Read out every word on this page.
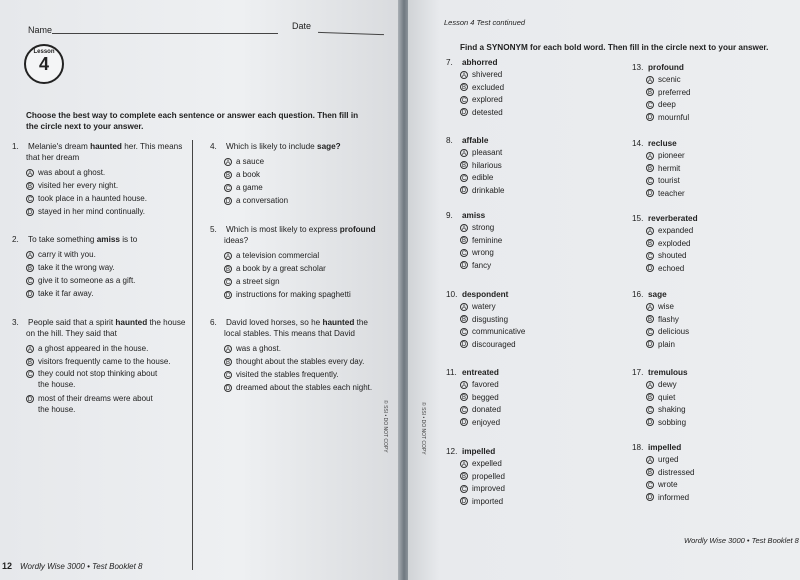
Name	Date
Lesson
4
Choose the best way to complete each sentence or answer each question. Then fill in the circle next to your answer.
1. Melanie's dream haunted her. This means
that her dream
A was about a ghost.
B visited her every night.
C took place in a haunted house.
D stayed in her mind continually.
2. To take something amiss is to
A carry it with you.
B take it the wrong way.
C give it to someone as a gift.
D take it far away.
3. People said that a spirit haunted the house
on the hill. They said that
A a ghost appeared in the house.
B visitors frequently came to the house.
C they could not stop thinking about
the house.
D most of their dreams were about
the house.
4. Which is likely to include sage?
A a sauce
B a book
C a game
D a conversation
5. Which is most likely to express profound
ideas?
A a television commercial
B a book by a great scholar
C a street sign
D instructions for making spaghetti
6. David loved horses, so he haunted the
local stables. This means that David
A was a ghost.
B thought about the stables every day.
C visited the stables frequently.
D dreamed about the stables each night.
© SSI • DO NOT COPY
12 Wordly Wise 3000 • Test Booklet 8
Lesson 4 Test continued
Find a SYNONYM for each bold word. Then fill in the circle next to your answer.
© SSI • DO NOT COPY
7. abhorred
A shivered
B excluded
C explored
D detested
8. affable
A pleasant
B hilarious
C edible
D drinkable
9. amiss
A strong
B feminine
C wrong
D fancy
10. despondent
A watery
B disgusting
C communicative
D discouraged
11. entreated
A favored
B begged
C donated
D enjoyed
12. impelled
A expelled
B propelled
C improved
D imported
13. profound
A scenic
B preferred
C deep
D mournful
14. recluse
A pioneer
B hermit
C tourist
D teacher
15. reverberated
A expanded
B exploded
C shouted
D echoed
16. sage
A wise
B flashy
C delicious
D plain
17. tremulous
A dewy
B quiet
C shaking
D sobbing
18. impelled
A urged
B distressed
C wrote
D informed
Wordly Wise 3000 • Test Booklet 8
